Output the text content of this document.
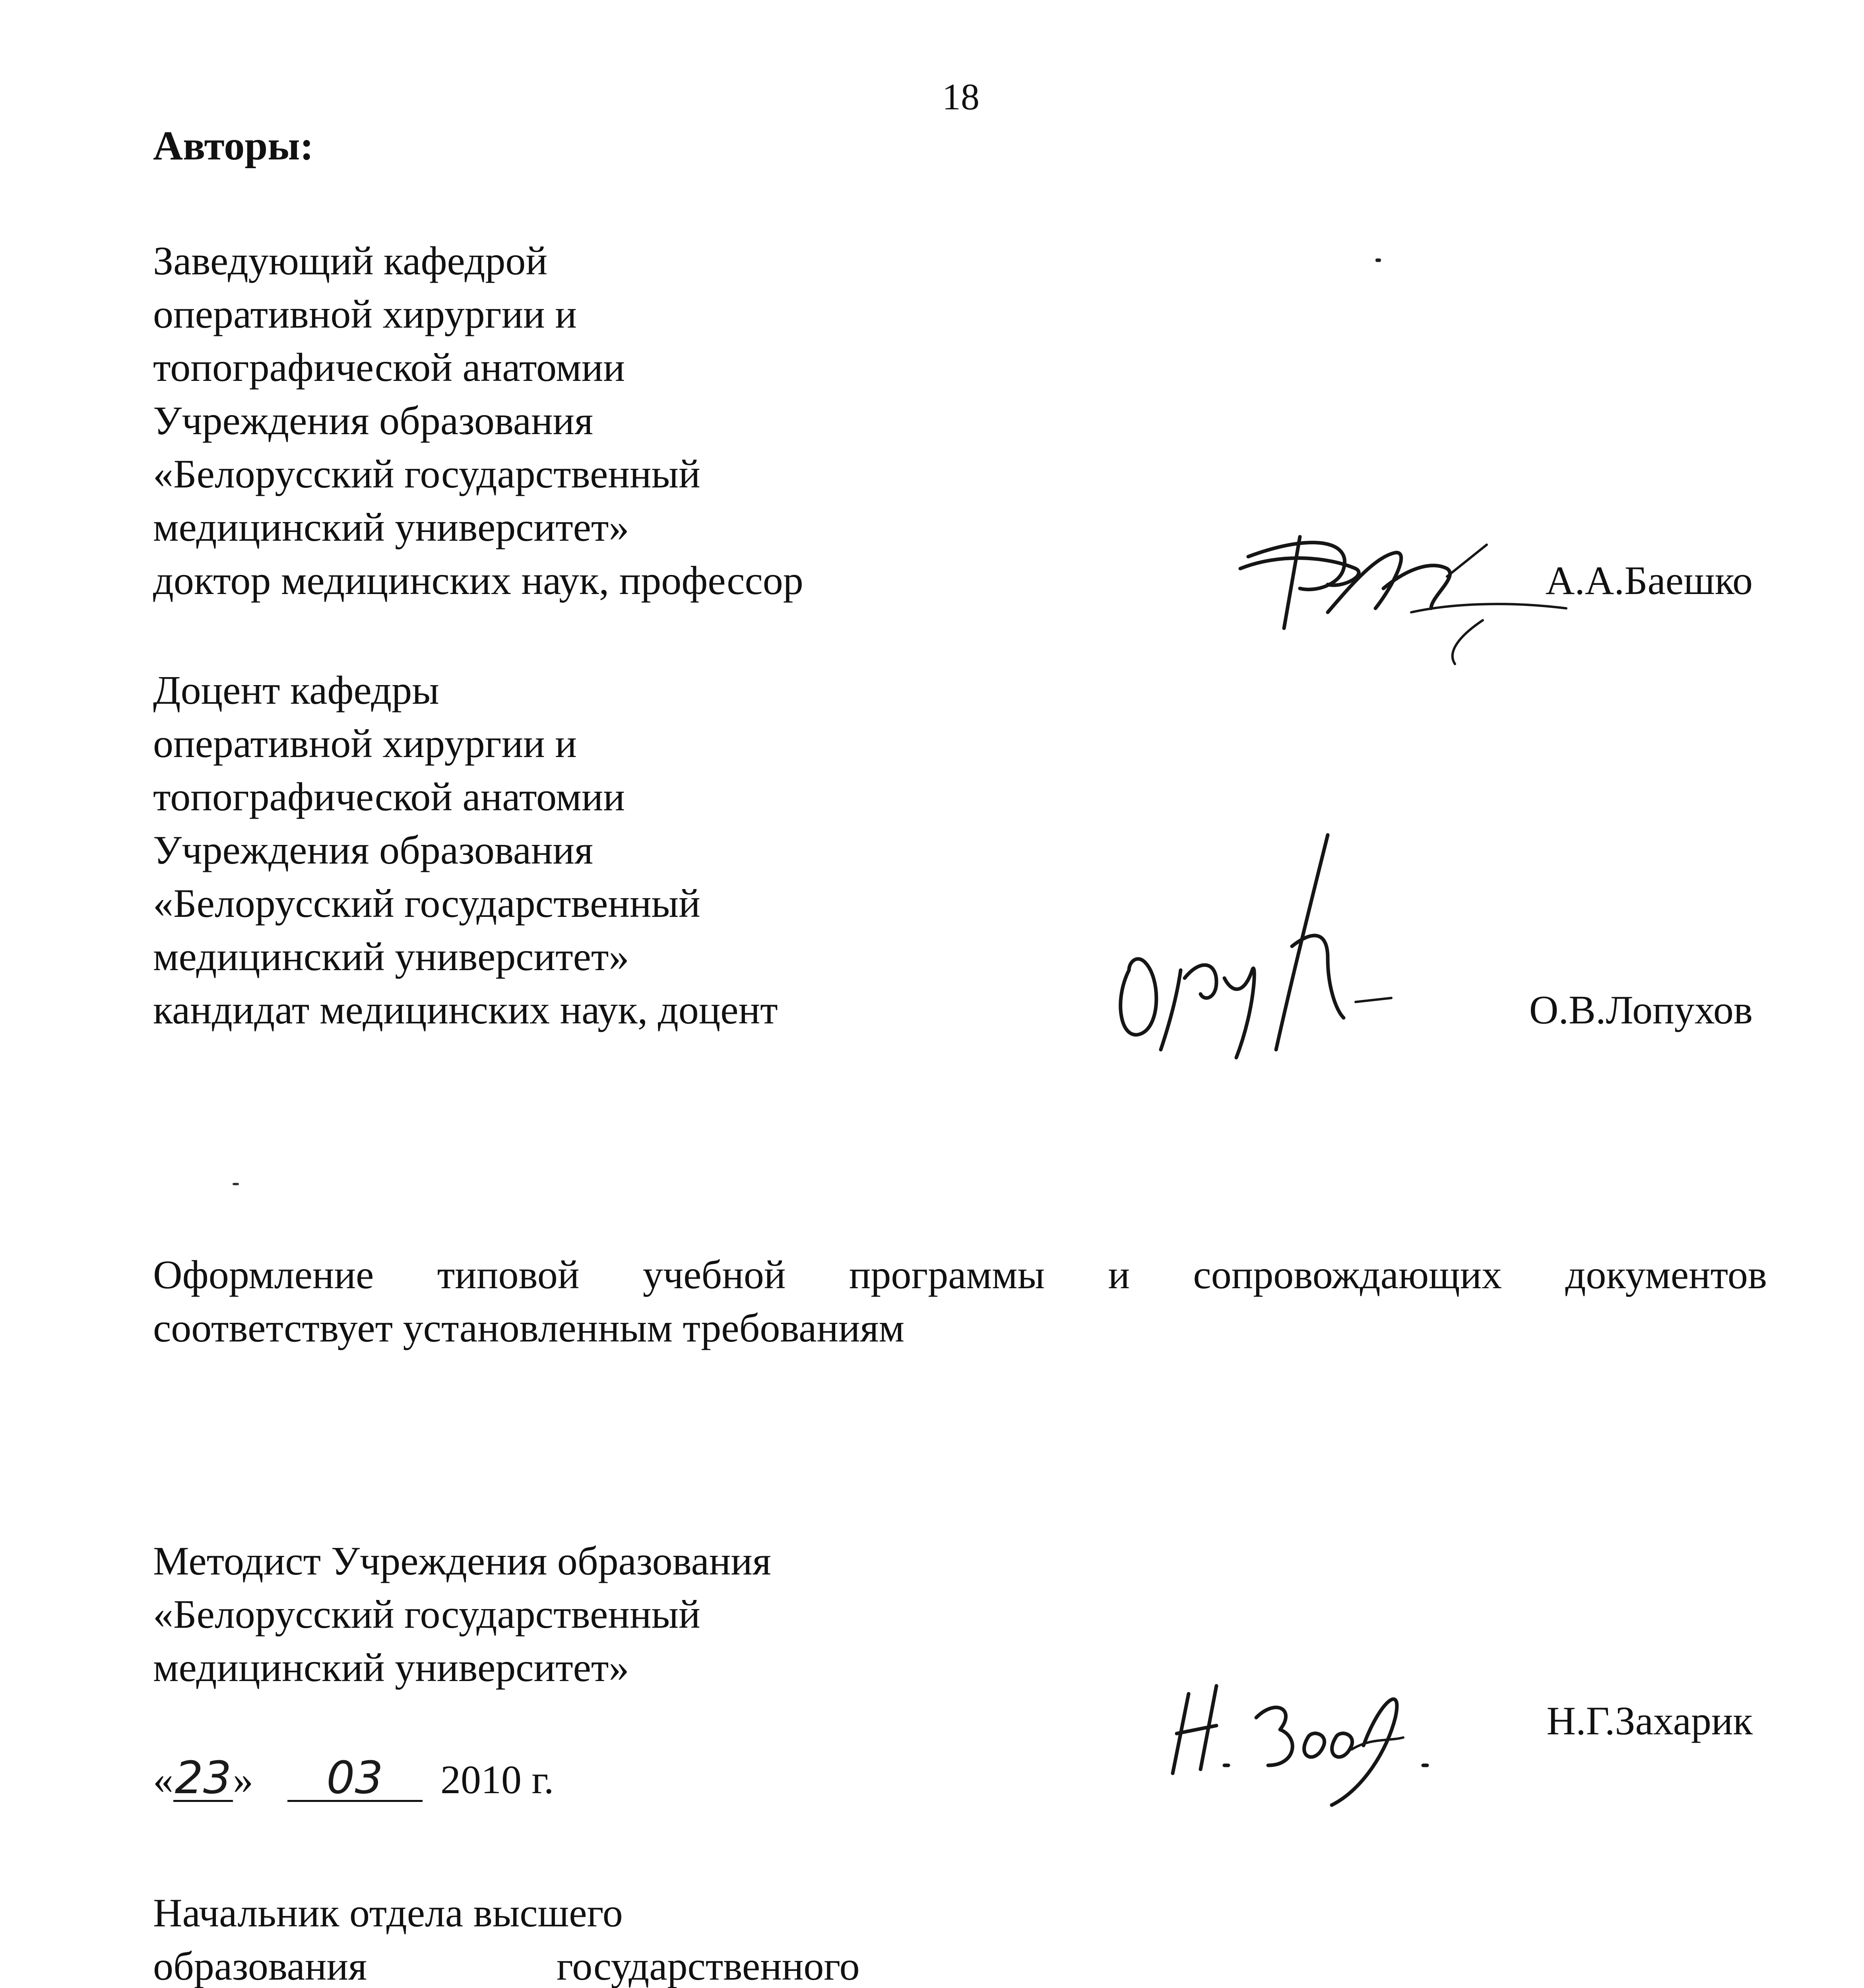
18
Авторы:
Заведующий кафедрой
оперативной хирургии и
топографической анатомии
Учреждения образования
«Белорусский государственный
медицинский университет»
доктор медицинских наук, профессор	А.А.Баешко
Доцент кафедры
оперативной хирургии и
топографической анатомии
Учреждения образования
«Белорусский государственный
медицинский университет»
кандидат медицинских наук, доцент	О.В.Лопухов
Оформление типовой учебной программы и сопровождающих документов
соответствует установленным требованиям
Методист Учреждения образования
«Белорусский государственный
медицинский университет»
Н.Г.Захарик
«23» 03 2010 г.
Начальник отдела высшего
образования	государственного
